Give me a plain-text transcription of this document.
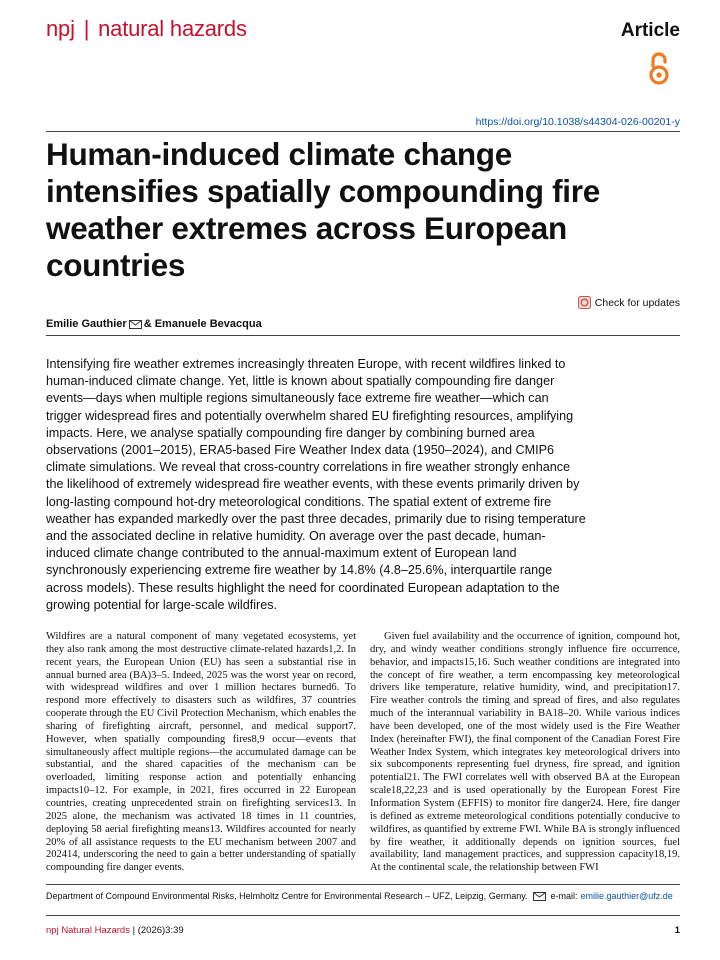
npj | natural hazards	Article
https://doi.org/10.1038/s44304-026-00201-y
Human-induced climate change intensifies spatially compounding fire weather extremes across European countries
Check for updates
Emilie Gauthier & Emanuele Bevacqua

Intensifying fire weather extremes increasingly threaten Europe, with recent wildfires linked to human-induced climate change. Yet, little is known about spatially compounding fire danger events—days when multiple regions simultaneously face extreme fire weather—which can trigger widespread fires and potentially overwhelm shared EU firefighting resources, amplifying impacts. Here, we analyse spatially compounding fire danger by combining burned area observations (2001–2015), ERA5-based Fire Weather Index data (1950–2024), and CMIP6 climate simulations. We reveal that cross-country correlations in fire weather strongly enhance the likelihood of extremely widespread fire weather events, with these events primarily driven by long-lasting compound hot-dry meteorological conditions. The spatial extent of extreme fire weather has expanded markedly over the past three decades, primarily due to rising temperature and the associated decline in relative humidity. On average over the past decade, human-induced climate change contributed to the annual-maximum extent of European land synchronously experiencing extreme fire weather by 14.8% (4.8–25.6%, interquartile range across models). These results highlight the need for coordinated European adaptation to the growing potential for large-scale wildfires.

Wildfires are a natural component of many vegetated ecosystems, yet they also rank among the most destructive climate-related hazards1,2. In recent years, the European Union (EU) has seen a substantial rise in annual burned area (BA)3–5. Indeed, 2025 was the worst year on record, with widespread wildfires and over 1 million hectares burned6. To respond more effectively to disasters such as wildfires, 37 countries cooperate through the EU Civil Protection Mechanism, which enables the sharing of firefighting aircraft, personnel, and medical support7. However, when spatially compounding fires8,9 occur—events that simultaneously affect multiple regions—the accumulated damage can be substantial, and the shared capacities of the mechanism can be overloaded, limiting response action and potentially enhancing impacts10–12. For example, in 2021, fires occurred in 22 European countries, creating unprecedented strain on firefighting services13. In 2025 alone, the mechanism was activated 18 times in 11 countries, deploying 58 aerial firefighting means13. Wildfires accounted for nearly 20% of all assistance requests to the EU mechanism between 2007 and 202414, underscoring the need to gain a better understanding of spatially compounding fire danger events.

Given fuel availability and the occurrence of ignition, compound hot, dry, and windy weather conditions strongly influence fire occurrence, behavior, and impacts15,16. Such weather conditions are integrated into the concept of fire weather, a term encompassing key meteorological drivers like temperature, relative humidity, wind, and precipitation17. Fire weather controls the timing and spread of fires, and also regulates much of the interannual variability in BA18–20. While various indices have been developed, one of the most widely used is the Fire Weather Index (hereinafter FWI), the final component of the Canadian Forest Fire Weather Index System, which integrates key meteorological drivers into six subcomponents representing fuel dryness, fire spread, and ignition potential21. The FWI correlates well with observed BA at the European scale18,22,23 and is used operationally by the European Forest Fire Information System (EFFIS) to monitor fire danger24. Here, fire danger is defined as extreme meteorological conditions potentially conducive to wildfires, as quantified by extreme FWI. While BA is strongly influenced by fire weather, it additionally depends on ignition sources, fuel availability, land management practices, and suppression capacity18,19. At the continental scale, the relationship between FWI

Department of Compound Environmental Risks, Helmholtz Centre for Environmental Research – UFZ, Leipzig, Germany.	e-mail: emilie.gauthier@ufz.de
npj Natural Hazards | (2026)3:39	1
